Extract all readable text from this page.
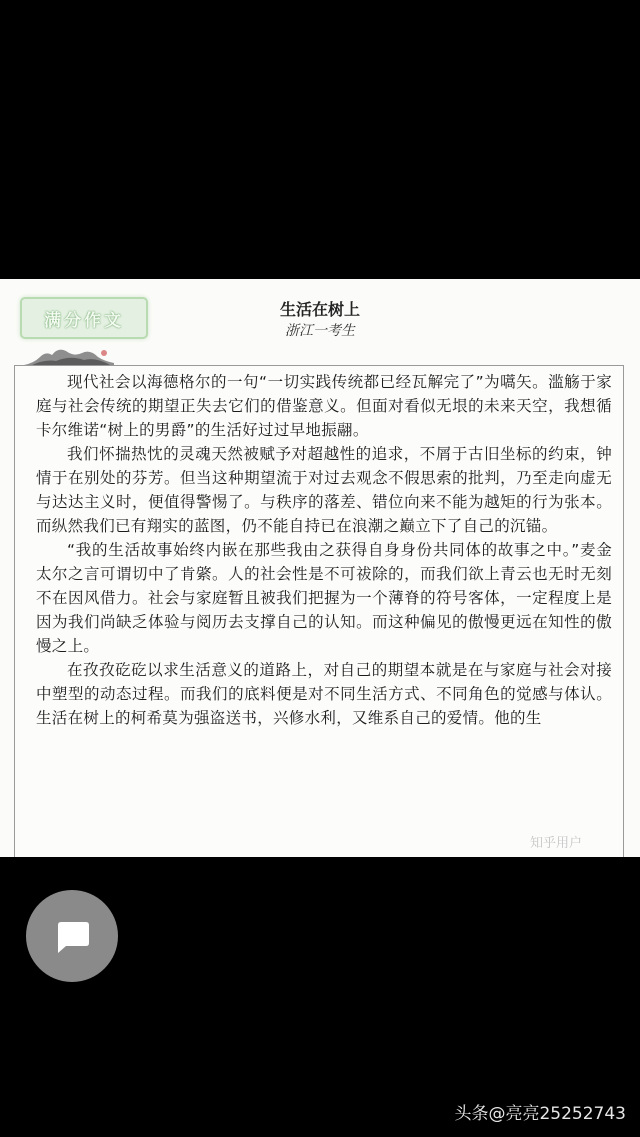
满分作文
生活在树上
浙江一考生

现代社会以海德格尔的一句“一切实践传统都已经瓦解完了”为嚆矢。滥觞于家庭与社会传统的期望正失去它们的借鉴意义。但面对看似无垠的未来天空，我想循卡尔维诺“树上的男爵”的生活好过过早地振翮。

我们怀揣热忱的灵魂天然被赋予对超越性的追求，不屑于古旧坐标的约束，钟情于在别处的芬芳。但当这种期望流于对过去观念不假思索的批判，乃至走向虚无与达达主义时，便值得警惕了。与秩序的落差、错位向来不能为越矩的行为张本。而纵然我们已有翔实的蓝图，仍不能自持已在浪潮之巅立下了自己的沉锚。

“我的生活故事始终内嵌在那些我由之获得自身身份共同体的故事之中。”麦金太尔之言可谓切中了肯綮。人的社会性是不可祓除的，而我们欲上青云也无时无刻不在因风借力。社会与家庭暂且被我们把握为一个薄脊的符号客体，一定程度上是因为我们尚缺乏体验与阅历去支撑自己的认知。而这种偏见的傲慢更远在知性的傲慢之上。

在孜孜矻矻以求生活意义的道路上，对自己的期望本就是在与家庭与社会对接中塑型的动态过程。而我们的底料便是对不同生活方式、不同角色的觉感与体认。生活在树上的柯希莫为强盗送书，兴修水利，又维系自己的爱情。他的生

知乎用户
头条@亮亮25252743
